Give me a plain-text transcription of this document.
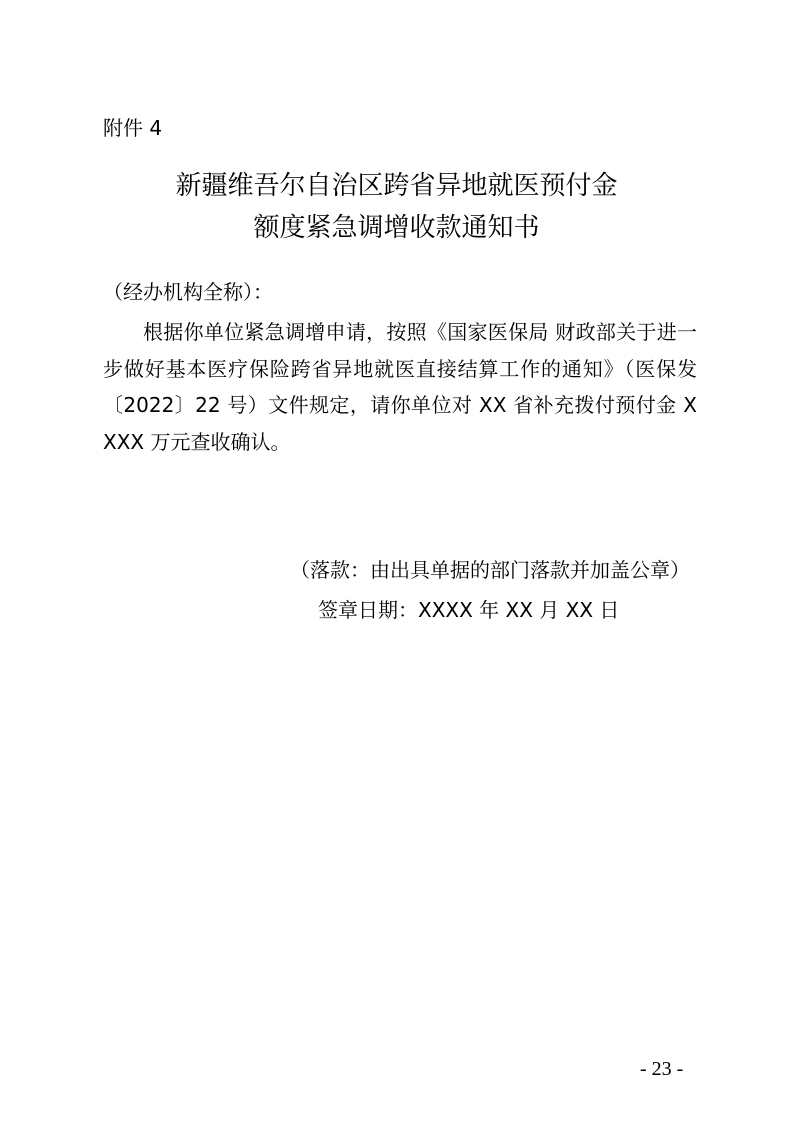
附件 4
新疆维吾尔自治区跨省异地就医预付金
额度紧急调增收款通知书
（经办机构全称）：

根据你单位紧急调增申请，按照《国家医保局 财政部关于进一步做好基本医疗保险跨省异地就医直接结算工作的通知》（医保发〔2022〕22 号）文件规定，请你单位对 XX 省补充拨付预付金 XXXX 万元查收确认。

（落款：由出具单据的部门落款并加盖公章）
签章日期：XXXX 年 XX 月 XX 日
- 23 -
